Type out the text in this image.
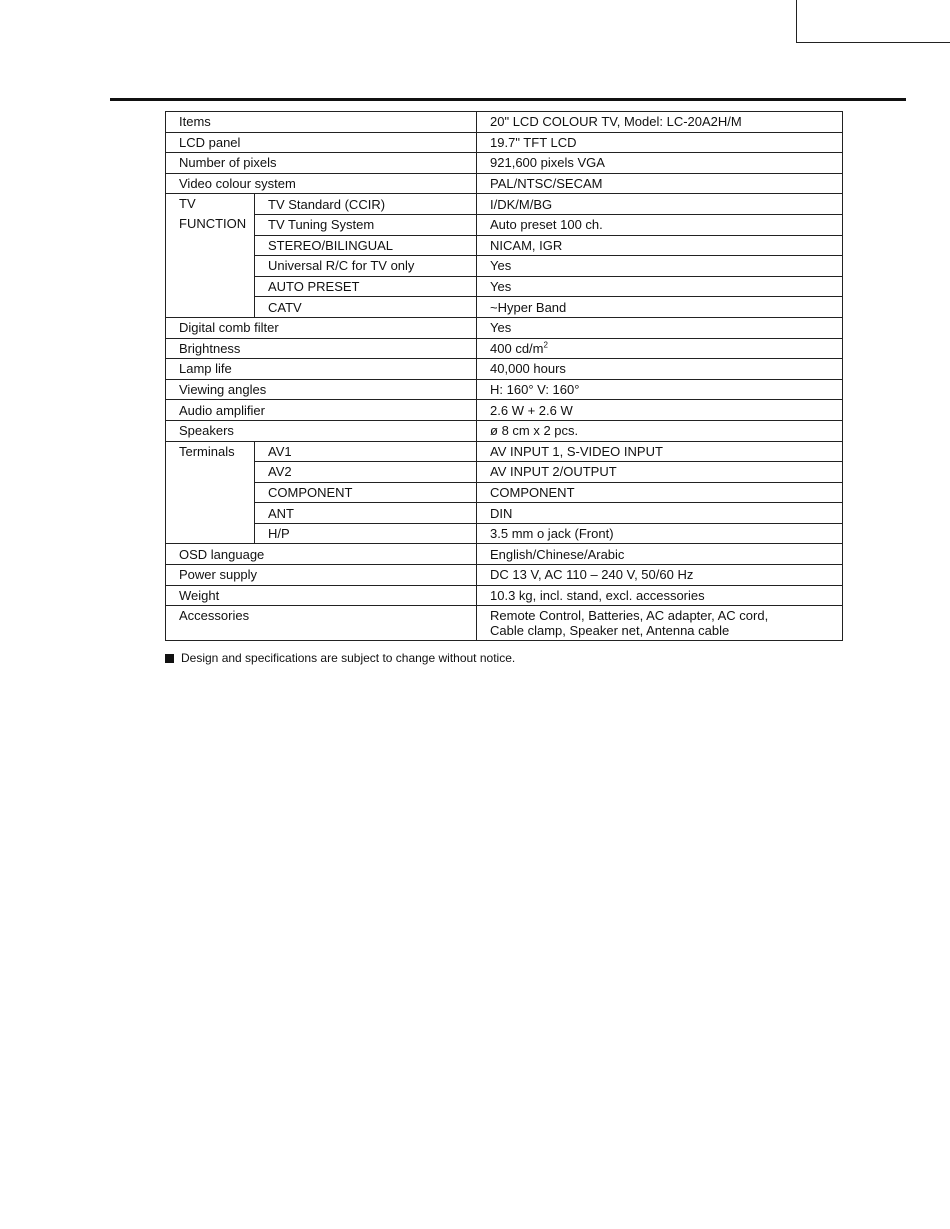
Items		20" LCD COLOUR TV, Model: LC-20A2H/M
LCD panel		19.7" TFT LCD
Number of pixels		921,600 pixels VGA
Video colour system		PAL/NTSC/SECAM

TV
FUNCTION	TV Standard (CCIR)	I/DK/M/BG
	TV Tuning System	Auto preset 100 ch.
	STEREO/BILINGUAL	NICAM, IGR
	Universal R/C for TV only	Yes
	AUTO PRESET	Yes
	CATV	~Hyper Band
Digital comb filter		Yes
Brightness		400 $cd/m^2$
Lamp life		40,000 hours
Viewing angles		H: 160° V: 160°
Audio amplifier		2.6 W + 2.6 W
Speakers		ø 8 cm x 2 pcs.
Terminals	AV1	AV INPUT 1, S-VIDEO INPUT
	AV2	AV INPUT 2/OUTPUT
	COMPONENT	COMPONENT
	ANT	DIN
	H/P	3.5 mm o jack (Front)
OSD language		English/Chinese/Arabic
Power supply		DC 13 V, AC 110 – 240 V, 50/60 Hz
Weight		10.3 kg, incl. stand, excl. accessories
Accessories		Remote Control, Batteries, AC adapter, AC cord,
Cable clamp, Speaker net, Antenna cable
Design and specifications are subject to change without notice.
